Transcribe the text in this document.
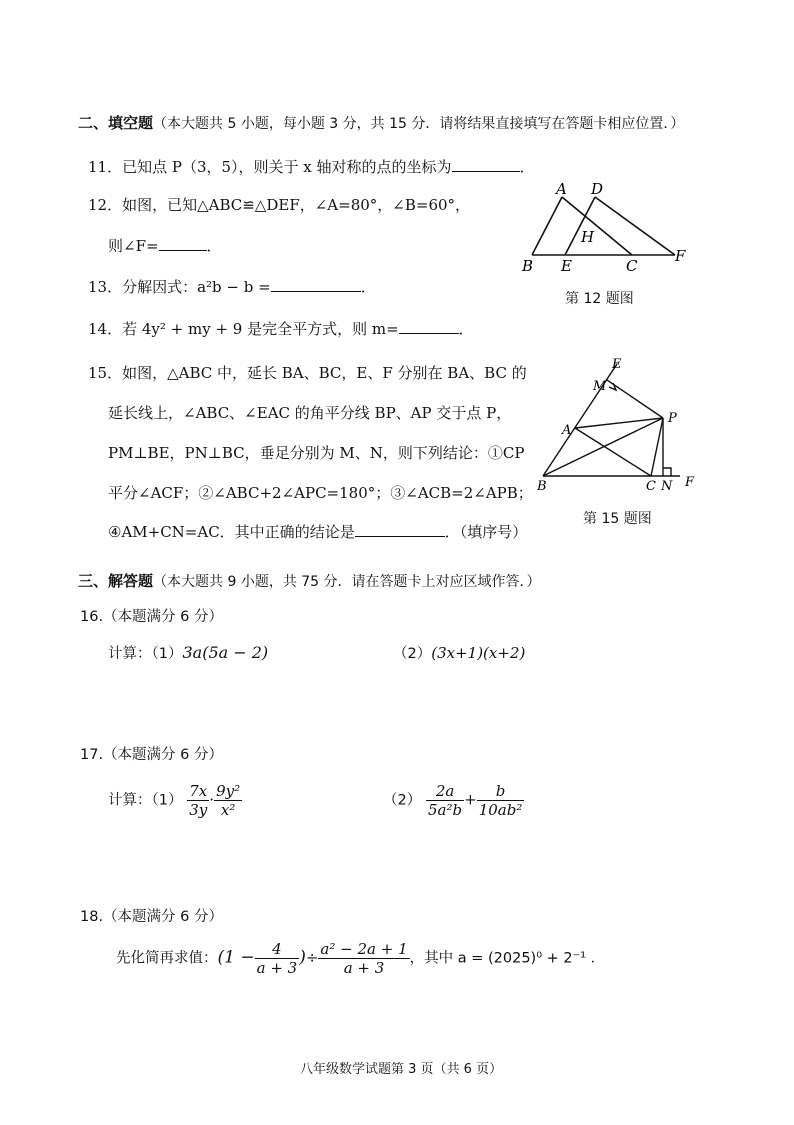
二、填空题（本大题共 5 小题，每小题 3 分，共 15 分．请将结果直接填写在答题卡相应位置．）
11．已知点 P（3，5），则关于 x 轴对称的点的坐标为	．
12．如图，已知△ABC≌△DEF，∠A=80°，∠B=60°，
则∠F=	．
A D
H
B E	C
F
第 12 题图
13．分解因式：a²b − b =	．
14．若 4y² + my + 9 是完全平方式，则 m=	．
15．如图，△ABC 中，延长 BA、BC，E、F 分别在 BA、BC 的
延长线上，∠ABC、∠EAC 的角平分线 BP、AP 交于点 P，
PM⊥BE，PN⊥BC，垂足分别为 M、N，则下列结论：①CP
平分∠ACF；②∠ABC+2∠APC=180°；③∠ACB=2∠APB；
④AM+CN=AC．其中正确的结论是	．（填序号）
E
M
P
A
B	C N F
第 15 题图
三、解答题（本大题共 9 小题，共 75 分．请在答题卡上对应区域作答．）
16.（本题满分 6 分）
计算：（1）3a(5a − 2)	（2）(3x+1)(x+2)
17.（本题满分 6 分）
计算：$(1) \frac{7x}{3y} \cdot \frac{\text{9y²}}{\text{x²}}$	$(2) \frac{2a}{\text{5a²b}} + \frac{b}{\text{10ab²}}$
18.（本题满分 6 分）
先化简再求值：($1 - \frac{4}{a + 3}$ )÷ $\frac{\text{a² − 2a + 1}}{a + 3}$ ，其中 a = (2025)⁰ + 2⁻¹ ．
八年级数学试题第 3 页（共 6 页）
